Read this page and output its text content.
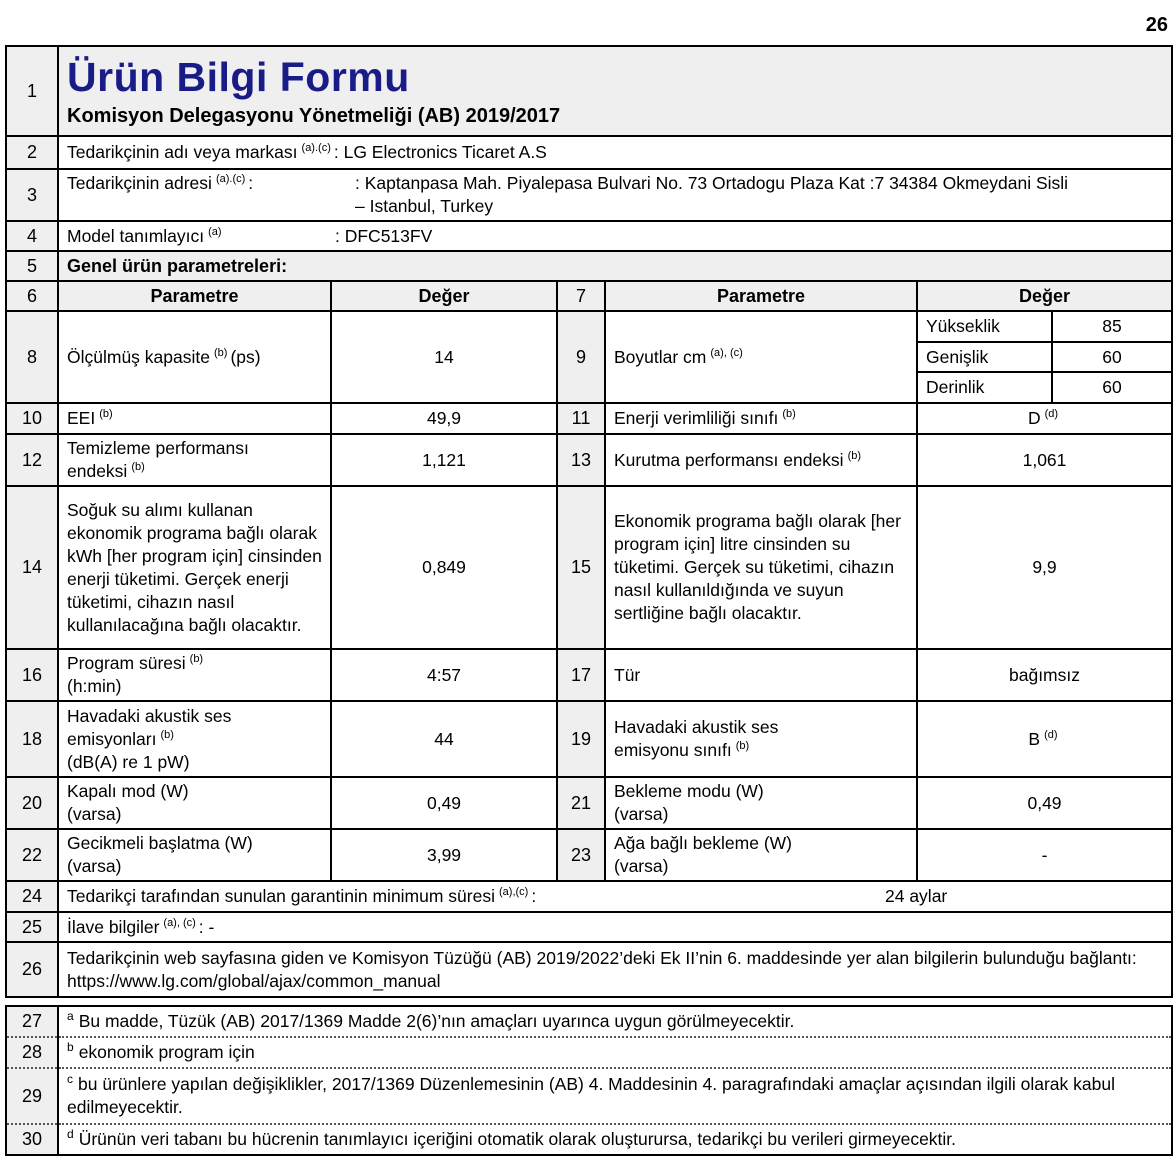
26
1	Ürün Bilgi Formu
Komisyon Delegasyonu Yönetmeliği (AB) 2019/2017					

2	Tedarikçinin adı veya markası $^{(a).(c)}$ : LG Electronics Ticaret A.S					
3	Tedarikçinin adresi $^{(a).(c)}$ : : Kaptanpasa Mah. Piyalepasa Bulvari No. 73 Ortadogu Plaza Kat :7 34384 Okmeydani Sisli
– Istanbul, Turkey					

4	Model tanımlayıcı $^{(a)}$ : DFC513FV					

5	Genel ürün parametreleri:					
6	Parametre	Değer	7	Parametre	Değer	
8	Ölçülmüş kapasite $^{(b)}$ (ps)	14	9	Boyutlar cm $^{(a), (c)}$	Yükseklik	85
					Genişlik	60
					Derinlik	60
10	EEI $^{(b)}$	49,9	11	Enerji verimliliği sınıfı $^{(b)}$	D $^{(d)}$
12	Temizleme performansı endeksi $^{(b)}$	1,121	13	Kurutma performansı endeksi $^{(b)}$	1,061	
14	Soğuk su alımı kullanan ekonomik programa bağlı olarak kWh [her program için] cinsinden enerji tüketimi. Gerçek enerji tüketimi, cihazın nasıl kullanılacağına bağlı olacaktır.	0,849	15	Ekonomik programa bağlı olarak [her program için] litre cinsinden su tüketimi. Gerçek su tüketimi, cihazın nasıl kullanıldığında ve suyun sertliğine bağlı olacaktır.	9,9	
16	Program süresi $^{(b)}$
(h:min)	4:57	17	Tür	bağımsız	
18	Havadaki akustik ses
emisyonları $^{(b)}$
(dB(A) re 1 pW)	44	19	Havadaki akustik ses
emisyonu sınıfı $^{(b)}$	B $^{(d)}$
20	Kapalı mod (W)
(varsa)	0,49	21	Bekleme modu (W)
(varsa)	0,49	
22	Gecikmeli başlatma (W)
(varsa)	3,99	23	Ağa bağlı bekleme (W)
(varsa)	-	
24	Tedarikçi tarafından sunulan garantinin minimum süresi $^{(a),(c)}$ : 24 aylar					

25	İlave bilgiler $^{(a), (c)}$ : -					
26	Tedarikçinin web sayfasına giden ve Komisyon Tüzüğü (AB) 2019/2022’deki Ek II’nin 6. maddesinde yer alan bilgilerin bulunduğu bağlantı: https://www.lg.com/global/ajax/common_manual					
27	$^a$ Bu madde, Tüzük (AB) 2017/1369 Madde 2(6)’nın amaçları uyarınca uygun görülmeyecektir.
28	$^b$ ekonomik program için
29	$^c$ bu ürünlere yapılan değişiklikler, 2017/1369 Düzenlemesinin (AB) 4. Maddesinin 4. paragrafındaki amaçlar açısından ilgili olarak kabul edilmeyecektir.
30	$^d$ Ürünün veri tabanı bu hücrenin tanımlayıcı içeriğini otomatik olarak oluşturursa, tedarikçi bu verileri girmeyecektir.
